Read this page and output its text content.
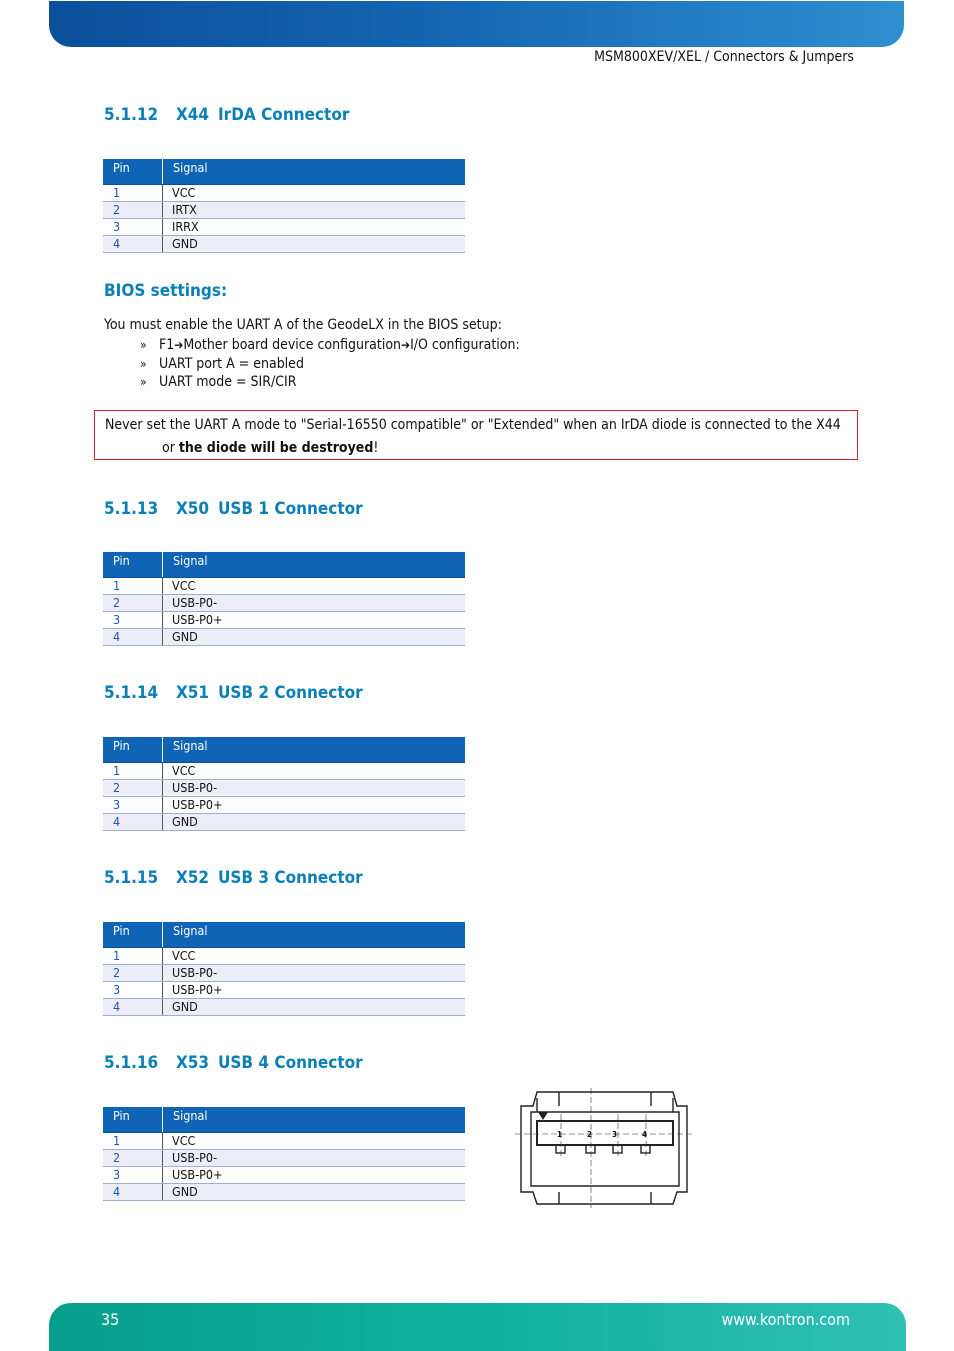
MSM800XEV/XEL / Connectors & Jumpers
5.1.12 X44 IrDA Connector
Pin	Signal
1	VCC
2	IRTX
3	IRRX
4	GND
BIOS settings:

You must enable the UART A of the GeodeLX in the BIOS setup:

» F1➔Mother board device configuration➔I/O configuration:
» UART port A = enabled
» UART mode = SIR/CIR
Never set the UART A mode to "Serial-16550 compatible" or "Extended" when an IrDA diode is connected to the X44
or the diode will be destroyed!
5.1.13 X50 USB 1 Connector
Pin	Signal
1	VCC
2	USB-P0-
3	USB-P0+
4	GND
5.1.14 X51 USB 2 Connector
Pin	Signal
1	VCC
2	USB-P0-
3	USB-P0+
4	GND
5.1.15 X52 USB 3 Connector
Pin	Signal
1	VCC
2	USB-P0-
3	USB-P0+
4	GND
5.1.16 X53 USB 4 Connector
Pin	Signal
1	VCC
2	USB-P0-
3	USB-P0+
4	GND
1	2 3	4
35	www.kontron.com
